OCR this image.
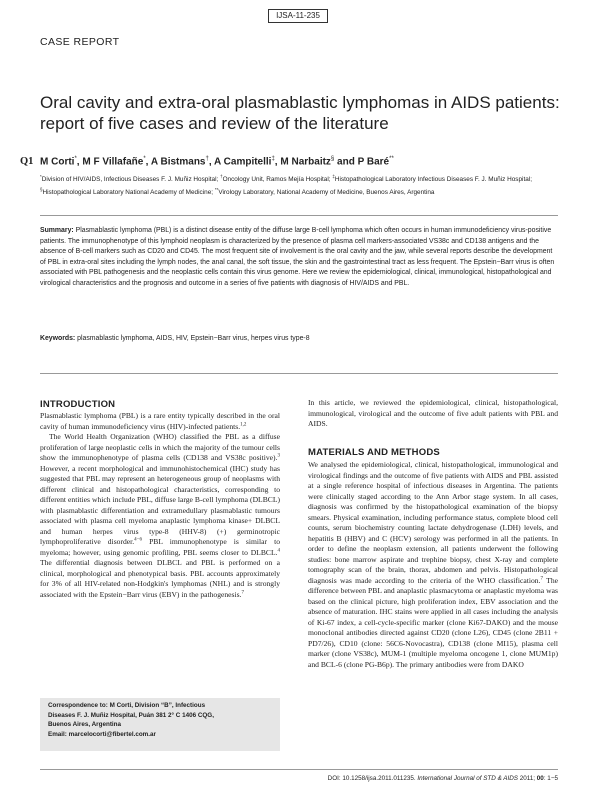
IJSA-11-235
CASE REPORT
Oral cavity and extra-oral plasmablastic lymphomas in AIDS patients: report of five cases and review of the literature
Q1 M Corti*, M F Villafañe*, A Bistmans†, A Campitelli‡, M Narbaitz§ and P Baré**
*Division of HIV/AIDS, Infectious Diseases F. J. Muñiz Hospital; †Oncology Unit, Ramos Mejía Hospital; ‡Histopathological Laboratory Infectious Diseases F. J. Muñiz Hospital; §Histopathological Laboratory National Academy of Medicine; **Virology Laboratory, National Academy of Medicine, Buenos Aires, Argentina
Summary: Plasmablastic lymphoma (PBL) is a distinct disease entity of the diffuse large B-cell lymphoma which often occurs in human immunodeficiency virus-positive patients. The immunophenotype of this lymphoid neoplasm is characterized by the presence of plasma cell markers-associated VS38c and CD138 antigens and the absence of B-cell markers such as CD20 and CD45. The most frequent site of involvement is the oral cavity and the jaw, while several reports describe the development of PBL in extra-oral sites including the lymph nodes, the anal canal, the soft tissue, the skin and the gastrointestinal tract as less frequent. The Epstein−Barr virus is often associated with PBL pathogenesis and the neoplastic cells contain this virus genome. Here we review the epidemiological, clinical, immunological, histopathological and virological characteristics and the prognosis and outcome in a series of five patients with diagnosis of HIV/AIDS and PBL.
Keywords: plasmablastic lymphoma, AIDS, HIV, Epstein−Barr virus, herpes virus type-8
INTRODUCTION

Plasmablastic lymphoma (PBL) is a rare entity typically described in the oral cavity of human immunodeficiency virus (HIV)-infected patients.$^{1,2}$

The World Health Organization (WHO) classified the PBL as a diffuse proliferation of large neoplastic cells in which the majority of the tumour cells show the immunophenotype of plasma cells (CD138 and VS38c positive).$^3$ However, a recent morphological and immunohistochemical (IHC) study has suggested that PBL may represent an heterogeneous group of neoplasms with different clinical and histopathological characteristics, corresponding to different entities which include PBL, diffuse large B-cell lymphoma (DLBCL) with plasmablastic differentiation and extramedullary plasmablastic tumours associated with plasma cell myeloma anaplastic lymphoma kinase+ DLBCL and human herpes virus type-8 (HHV-8) (+) germinotropic lymphoproliferative disorder.$^{4-6}$ PBL immunophenotype is similar to myeloma; however, using genomic profiling, PBL seems closer to DLBCL.$^4$ The differential diagnosis between DLBCL and PBL is performed on a clinical, morphological and phenotypical basis. PBL accounts approximately for 3% of all HIV-related non-Hodgkin's lymphomas (NHL) and is strongly associated with the Epstein−Barr virus (EBV) in the pathogenesis.$^7$

Correspondence to: M Corti, Division “B”, Infectious
Diseases F. J. Muñiz Hospital, Puán 381 2° C 1406 CQG,
Buenos Aires, Argentina
Email: marcelocorti@fibertel.com.ar

In this article, we reviewed the epidemiological, clinical, histopathological, immunological, virological and the outcome of five adult patients with PBL and AIDS.

MATERIALS AND METHODS

We analysed the epidemiological, clinical, histopathological, immunological and virological findings and the outcome of five patients with AIDS and PBL assisted at a single reference hospital of infectious diseases in Argentina. The patients were clinically staged according to the Ann Arbor stage system. In all cases, diagnosis was confirmed by the histopathological examination of the biopsy smears. Physical examination, including performance status, complete blood cell counts, serum biochemistry counting lactate dehydrogenase (LDH) levels, and hepatitis B (HBV) and C (HCV) serology was performed in all the patients. In order to define the neoplasm extension, all patients underwent the following studies: bone marrow aspirate and trephine biopsy, chest X-ray and complete tomography scan of the brain, thorax, abdomen and pelvis. Histopathological diagnosis was made according to the criteria of the WHO classification.$^7$ The difference between PBL and anaplastic plasmacytoma or anaplastic myeloma was based on the clinical picture, high proliferation index, EBV association and the absence of maturation. IHC stains were applied in all cases including the analysis of Ki-67 index, a cell-cycle-specific marker (clone Ki67-DAKO) and the mouse monoclonal antibodies directed against CD20 (clone L26), CD45 (clone 2B11 + PD7/26), CD10 (clone: 56C6-Novocastra), CD138 (clone MI15), plasma cell marker (clone VS38c), MUM-1 (multiple myeloma oncogene 1, clone MUM1p) and BCL-6 (clone PG-B6p). The primary antibodies were from DAKO

DOI: 10.1258/ijsa.2011.011235. International Journal of STD & AIDS 2011; 00: 1−5
